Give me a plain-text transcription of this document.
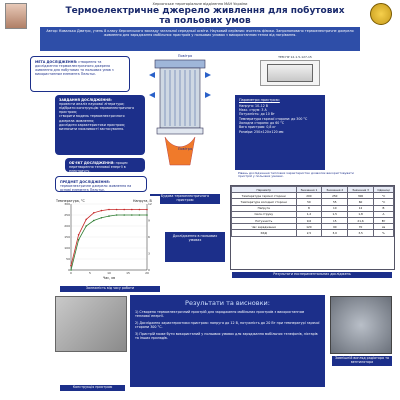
Херсонське територіальне відділення МАН України
Термоелектричне джерело живлення для побутових та польових умов
Автор: Ковалько Дмитро, учень 8 класу Херсонського закладу загальної середньої освіти. Науковий керівник: вчитель фізики. Запропоновано термоелектричне джерело живлення для заряджання мобільних пристроїв у польових умовах з використанням тепла від нагрівання.
МЕТА ДОСЛІДЖЕННЯ: створення та дослідження термоелектричного джерела живлення для побутових та польових умов з використанням елемента Пельтьє.
ЗАВДАННЯ ДОСЛІДЖЕННЯ:
провести аналіз наукової літератури;
підібрати конструкцію термоелектричного пристрою;
створити модель термоелектричного джерела живлення;
дослідити характеристики пристрою;
визначити можливості застосування.
ОБ'ЄКТ ДОСЛІДЖЕННЯ: процес перетворення теплової енергії в електричну.
ПРЕДМЕТ ДОСЛІДЖЕННЯ: термоелектричне джерело живлення на основі елемента Пельтьє.
Повітря
Повітря
Будова термоелектричного пристрою
TEM HP 12-1.5-127-15
Параметри пристрою:
Напруга: 10–12 В
Макс. струм: 3 А
Потужність: до 10 Вт
Температура гарячої сторони: до 300 °C
Холодна сторона: до 60 °C
Вага пристрою: 0,8 кг
Розміри: 250×120×120 мм
Рівень дослідження теплових характеристик дозволяє використовувати пристрій у польових умовах.
0
50
100
150
200
250
300
0
3
6
9
12
0	5	10	15	20
Час, хв
Температура, °C	Напруга, В
Залежність від часу роботи
Параметр	Значення 1	Значення 2	Значення 3	Одиниці
Температура гарячої сторони	200	250	300	°C
Температура холодної сторони	50	55	60	°C
Напруга	8	10	12	В
Сила струму	1,2	1,5	1,8	А
Потужність	9,6	15	21,6	Вт
Час заряджання	120	90	70	хв
ККД	2,5	3,0	3,5	%
Результати експериментальних досліджень
Дослідження в польових умовах
Конструкція пристрою
Результати та висновки:

1) Створено термоелектричний пристрій для заряджання мобільних пристроїв з використанням теплової енергії.

2) Досліджено характеристики пристрою: напруга до 12 В, потужність до 20 Вт при температурі гарячої сторони 300 °C.

3) Пристрій може бути використаний у польових умовах для заряджання мобільних телефонів, ліхтарів та інших приладів.

Зовнішній вигляд радіатора та вентилятора
